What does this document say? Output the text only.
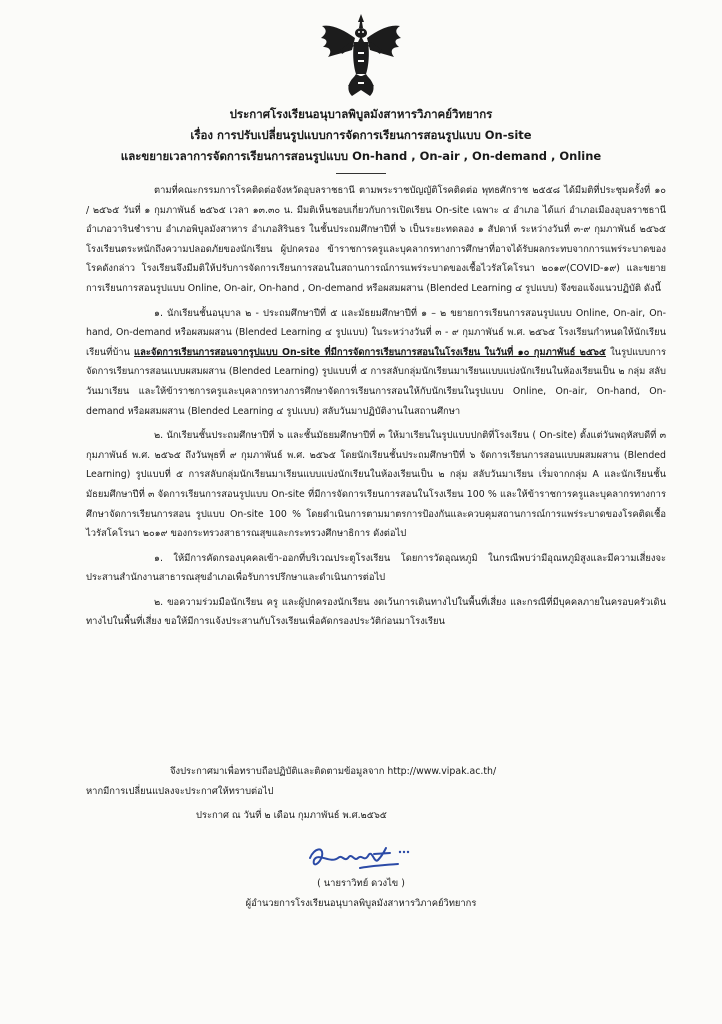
ประกาศโรงเรียนอนุบาลพิบูลมังสาหารวิภาคย์วิทยากร
เรื่อง การปรับเปลี่ยนรูปแบบการจัดการเรียนการสอนรูปแบบ On-site
และขยายเวลาการจัดการเรียนการสอนรูปแบบ On-hand , On-air , On-demand , Online

ตามที่คณะกรรมการโรคติดต่อจังหวัดอุบลราชธานี ตามพระราชบัญญัติโรคติดต่อ พุทธศักราช ๒๕๕๘ ได้มีมติที่ประชุมครั้งที่ ๑๐ / ๒๕๖๕ วันที่ ๑ กุมภาพันธ์ ๒๕๖๕ เวลา ๑๓.๓๐ น. มีมติเห็นชอบเกี่ยวกับการเปิดเรียน On-site เฉพาะ ๔ อำเภอ ได้แก่ อำเภอเมืองอุบลราชธานี อำเภอวารินชำราบ อำเภอพิบูลมังสาหาร อำเภอสิรินธร ในชั้นประถมศึกษาปีที่ ๖ เป็นระยะทดลอง ๑ สัปดาห์ ระหว่างวันที่ ๓-๙ กุมภาพันธ์ ๒๕๖๕ โรงเรียนตระหนักถึงความปลอดภัยของนักเรียน ผู้ปกครอง ข้าราชการครูและบุคลากรทางการศึกษาที่อาจได้รับผลกระทบจากการแพร่ระบาดของโรคดังกล่าว โรงเรียนจึงมีมติให้ปรับการจัดการเรียนการสอนในสถานการณ์การแพร่ระบาดของเชื้อไวรัสโคโรนา ๒๐๑๙(COVID-๑๙) และขยายการเรียนการสอนรูปแบบ Online, On-air, On-hand , On-demand หรือผสมผสาน (Blended Learning ๔ รูปแบบ) จึงขอแจ้งแนวปฏิบัติ ดังนี้

๑. นักเรียนชั้นอนุบาล ๒ - ประถมศึกษาปีที่ ๕ และมัธยมศึกษาปีที่ ๑ – ๒ ขยายการเรียนการสอนรูปแบบ Online, On-air, On-hand, On-demand หรือผสมผสาน (Blended Learning ๔ รูปแบบ) ในระหว่างวันที่ ๓ - ๙ กุมภาพันธ์ พ.ศ. ๒๕๖๕ โรงเรียนกำหนดให้นักเรียนเรียนที่บ้าน และจัดการเรียนการสอนจากรูปแบบ On-site ที่มีการจัดการเรียนการสอนในโรงเรียน ในวันที่ ๑๐ กุมภาพันธ์ ๒๕๖๕ ในรูปแบบการจัดการเรียนการสอนแบบผสมผสาน (Blended Learning) รูปแบบที่ ๕ การสลับกลุ่มนักเรียนมาเรียนแบบแบ่งนักเรียนในห้องเรียนเป็น ๒ กลุ่ม สลับวันมาเรียน และให้ข้าราชการครูและบุคลากรทางการศึกษาจัดการเรียนการสอนให้กับนักเรียนในรูปแบบ Online, On-air, On-hand, On-demand หรือผสมผสาน (Blended Learning ๔ รูปแบบ) สลับวันมาปฏิบัติงานในสถานศึกษา

๒. นักเรียนชั้นประถมศึกษาปีที่ ๖ และชั้นมัธยมศึกษาปีที่ ๓ ให้มาเรียนในรูปแบบปกติที่โรงเรียน ( On-site) ตั้งแต่วันพฤหัสบดีที่ ๓ กุมภาพันธ์ พ.ศ. ๒๕๖๕ ถึงวันพุธที่ ๙ กุมภาพันธ์ พ.ศ. ๒๕๖๕ โดยนักเรียนชั้นประถมศึกษาปีที่ ๖ จัดการเรียนการสอนแบบผสมผสาน (Blended Learning) รูปแบบที่ ๕ การสลับกลุ่มนักเรียนมาเรียนแบบแบ่งนักเรียนในห้องเรียนเป็น ๒ กลุ่ม สลับวันมาเรียน เริ่มจากกลุ่ม A และนักเรียนชั้นมัธยมศึกษาปีที่ ๓ จัดการเรียนการสอนรูปแบบ On-site ที่มีการจัดการเรียนการสอนในโรงเรียน 100 % และให้ข้าราชการครูและบุคลากรทางการศึกษาจัดการเรียนการสอน รูปแบบ On-site 100 % โดยดำเนินการตามมาตรการป้องกันและควบคุมสถานการณ์การแพร่ระบาดของโรคติดเชื้อไวรัสโคโรนา ๒๐๑๙ ของกระทรวงสาธารณสุขและกระทรวงศึกษาธิการ ดังต่อไป

๑. ให้มีการคัดกรองบุคคลเข้า-ออกที่บริเวณประตูโรงเรียน โดยการวัดอุณหภูมิ ในกรณีพบว่ามีอุณหภูมิสูงและมีความเสี่ยงจะประสานสำนักงานสาธารณสุขอำเภอเพื่อรับการปรึกษาและดำเนินการต่อไป

๒. ขอความร่วมมือนักเรียน ครู และผู้ปกครองนักเรียน งดเว้นการเดินทางไปในพื้นที่เสี่ยง และกรณีที่มีบุคคลภายในครอบครัวเดินทางไปในพื้นที่เสี่ยง ขอให้มีการแจ้งประสานกับโรงเรียนเพื่อคัดกรองประวัติก่อนมาโรงเรียน

จึงประกาศมาเพื่อทราบถือปฏิบัติและติดตามข้อมูลจาก http://www.vipak.ac.th/

หากมีการเปลี่ยนแปลงจะประกาศให้ทราบต่อไป

ประกาศ ณ วันที่ ๒ เดือน กุมภาพันธ์ พ.ศ.๒๕๖๕

( นายราวิทย์ ดวงไข )

ผู้อำนวยการโรงเรียนอนุบาลพิบูลมังสาหารวิภาคย์วิทยากร
